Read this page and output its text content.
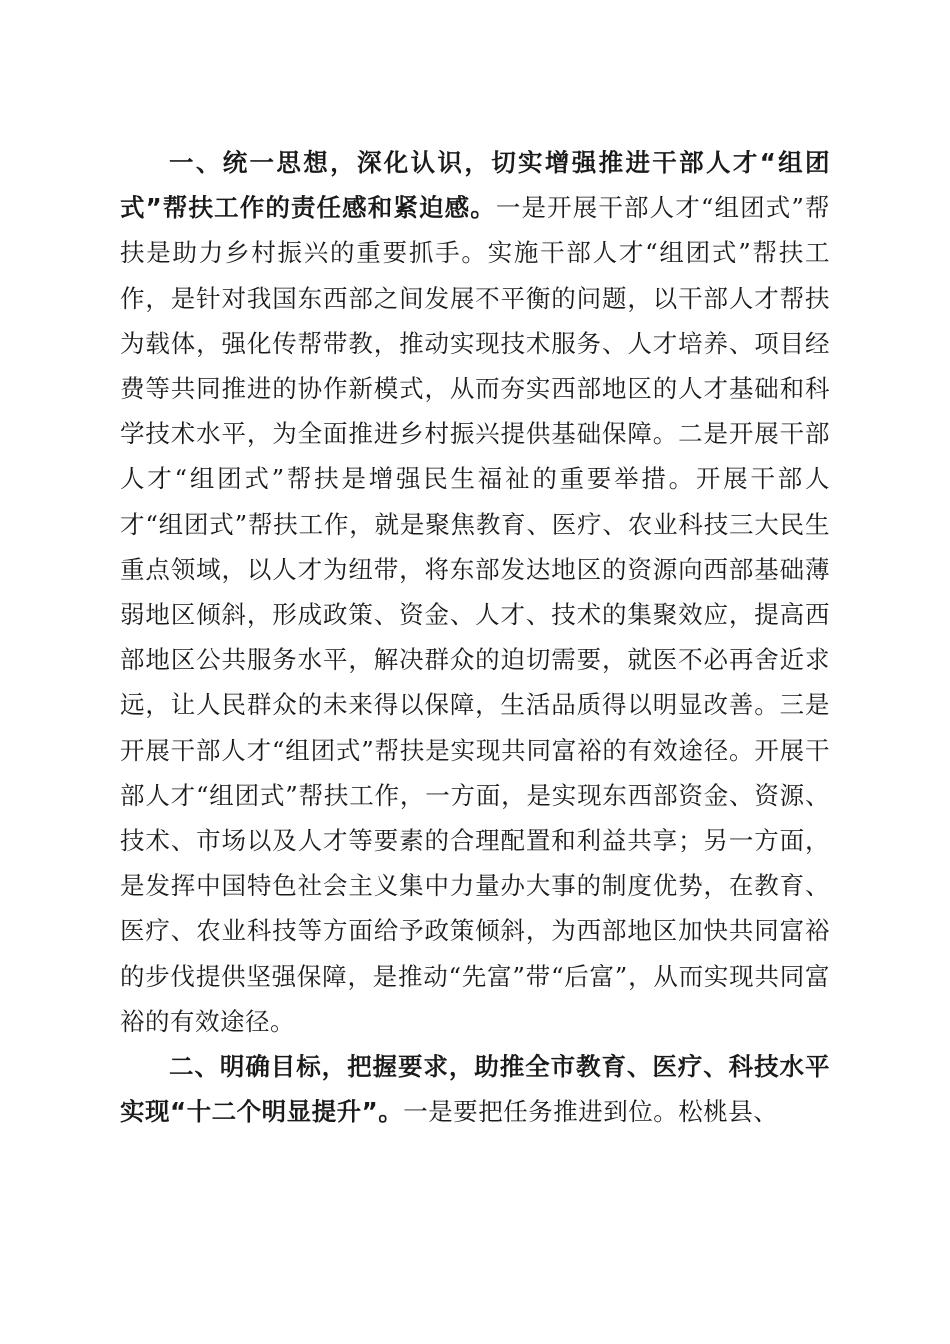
一、统一思想，深化认识，切实增强推进干部人才“组团式”帮扶工作的责任感和紧迫感。一是开展干部人才“组团式”帮扶是助力乡村振兴的重要抓手。实施干部人才“组团式”帮扶工作，是针对我国东西部之间发展不平衡的问题，以干部人才帮扶为载体，强化传帮带教，推动实现技术服务、人才培养、项目经费等共同推进的协作新模式，从而夯实西部地区的人才基础和科学技术水平，为全面推进乡村振兴提供基础保障。二是开展干部人才“组团式”帮扶是增强民生福祉的重要举措。开展干部人才“组团式”帮扶工作，就是聚焦教育、医疗、农业科技三大民生重点领域，以人才为纽带，将东部发达地区的资源向西部基础薄弱地区倾斜，形成政策、资金、人才、技术的集聚效应，提高西部地区公共服务水平，解决群众的迫切需要，就医不必再舍近求远，让人民群众的未来得以保障，生活品质得以明显改善。三是开展干部人才“组团式”帮扶是实现共同富裕的有效途径。开展干部人才“组团式”帮扶工作，一方面，是实现东西部资金、资源、技术、市场以及人才等要素的合理配置和利益共享；另一方面，是发挥中国特色社会主义集中力量办大事的制度优势，在教育、医疗、农业科技等方面给予政策倾斜，为西部地区加快共同富裕的步伐提供坚强保障，是推动“先富”带“后富”，从而实现共同富裕的有效途径。

二、明确目标，把握要求，助推全市教育、医疗、科技水平实现“十二个明显提升”。一是要把任务推进到位。松桃县、
